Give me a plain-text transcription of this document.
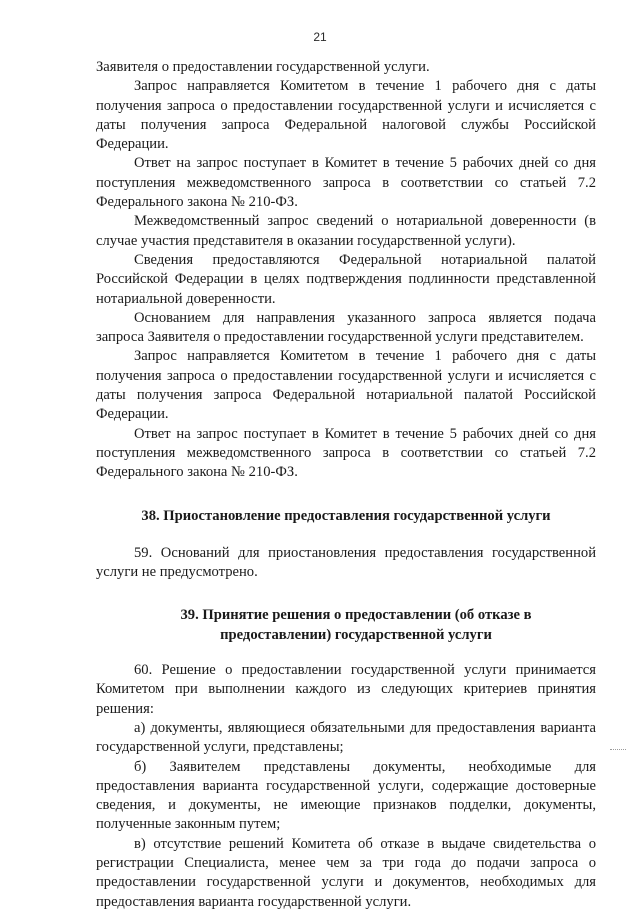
21

Заявителя о предоставлении государственной услуги.

Запрос направляется Комитетом в течение 1 рабочего дня с даты получения запроса о предоставлении государственной услуги и исчисляется с даты получения запроса Федеральной налоговой службы Российской Федерации.

Ответ на запрос поступает в Комитет в течение 5 рабочих дней со дня поступления межведомственного запроса в соответствии со статьей 7.2 Федерального закона № 210-ФЗ.

Межведомственный запрос сведений о нотариальной доверенности (в случае участия представителя в оказании государственной услуги).

Сведения предоставляются Федеральной нотариальной палатой Российской Федерации в целях подтверждения подлинности представленной нотариальной доверенности.

Основанием для направления указанного запроса является подача запроса Заявителя о предоставлении государственной услуги представителем.

Запрос направляется Комитетом в течение 1 рабочего дня с даты получения запроса о предоставлении государственной услуги и исчисляется с даты получения запроса Федеральной нотариальной палатой Российской Федерации.

Ответ на запрос поступает в Комитет в течение 5 рабочих дней со дня поступления межведомственного запроса в соответствии со статьей 7.2 Федерального закона № 210-ФЗ.

38. Приостановление предоставления государственной услуги

59. Оснований для приостановления предоставления государственной услуги не предусмотрено.

39. Принятие решения о предоставлении (об отказе в
предоставлении) государственной услуги

60. Решение о предоставлении государственной услуги принимается Комитетом при выполнении каждого из следующих критериев принятия решения:

а) документы, являющиеся обязательными для предоставления варианта государственной услуги, представлены;

б) Заявителем представлены документы, необходимые для предоставления варианта государственной услуги, содержащие достоверные сведения, и документы, не имеющие признаков подделки, документы, полученные законным путем;

в) отсутствие решений Комитета об отказе в выдаче свидетельства о регистрации Специалиста, менее чем за три года до подачи запроса о предоставлении государственной услуги и документов, необходимых для предоставления варианта государственной услуги.
